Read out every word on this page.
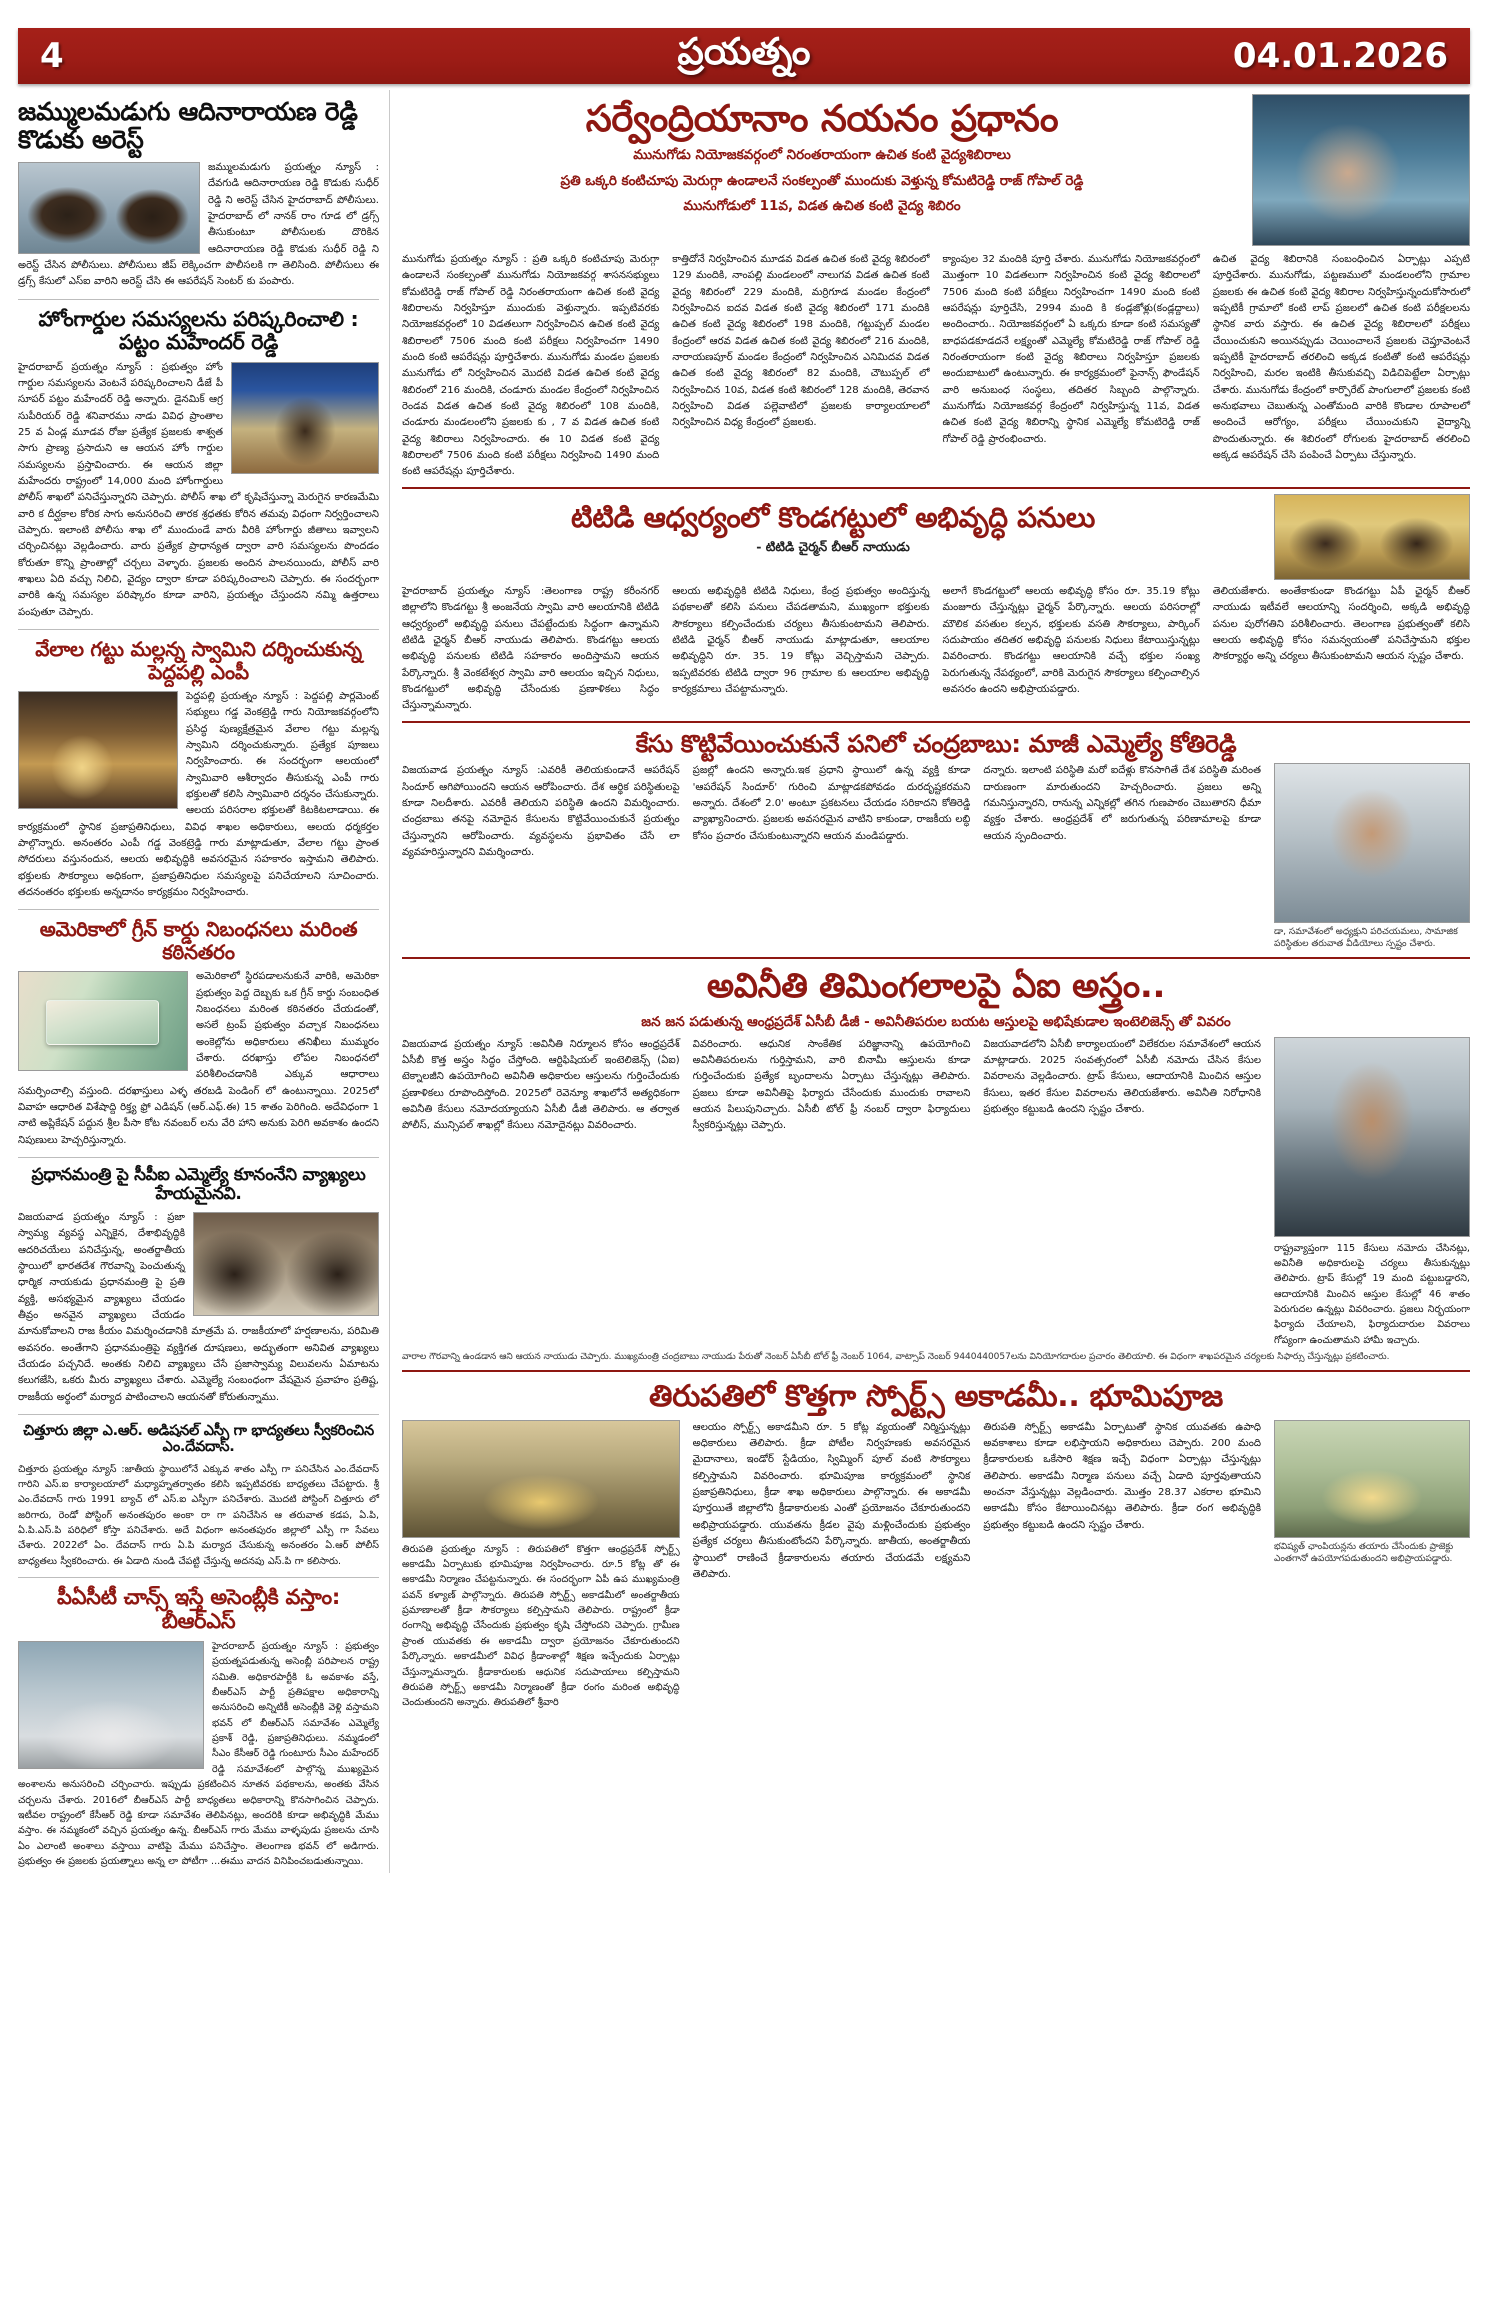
4	ప్రయత్నం	04.01.2026
జమ్ములమడుగు ఆదినారాయణ రెడ్డి కొడుకు అరెస్ట్
జమ్ములమడుగు ప్రయత్నం న్యూస్ : దేవగుడి ఆదినారాయణ రెడ్డి కొడుకు సుధీర్ రెడ్డి ని అరెస్ట్ చేసిన హైదరాబాద్ పోలీసులు. హైదరాబాద్ లో నానక్ రాం గూడ లో డ్రగ్స్ తీసుకుంటూ పోలీసులకు దొరికిన ఆదినారాయణ రెడ్డి కొడుకు సుధీర్ రెడ్డి ని అరెస్ట్ చేసిన పోలీసులు. పోలీసులు జీప్ లెక్కించగా పొలీసలకి గా తెలిసింది. పోలీసులు ఈ డ్రగ్స్ కేసులో ఎస్ఐ వారిని అరెస్ట్ చేసి ఈ ఆపరేషన్ సెంటర్ కు పంపారు.
హోంగార్డుల సమస్యలను పరిష్కరించాలి : పట్టం మహేందర్ రెడ్డి
హైదరాబాద్ ప్రయత్నం న్యూస్ : ప్రభుత్వం హోం గార్డుల సమస్యలను వెంటనే పరిష్కరించాలని డీజే పీ సూపర్ పట్టం మహేందర్ రెడ్డి అన్నారు. డైనమిక్ ఆగ్ర సుపీరియర్ రెడ్డి శనివారము నాడు వివిధ ప్రాంతాల 25 వ ఏండ్ల మూడవ రోజు ప్రత్యేక ప్రజలకు శాశ్వత సాగు ప్రాణ్య ప్రసాదుని ఆ ఆయన హోం గార్డుల సమస్యలను ప్రస్తావించారు. ఈ ఆయన జిల్లా మహేందరు రాష్ట్రంలో 14,000 మంది హోంగార్డులు పోలీస్ శాఖలో పనిచేస్తున్నారని చెప్పారు. పోలీస్ శాఖ లో కృషిచేస్తున్నా మెరుగైన కారణమేమి వారి క దీర్ఘకాల కోరిక సాగు అనుసరించి తారక శ్రధతకు కోరిన తమవు విధంగా నిర్వర్తించాలని చెప్పారు. ఇలాంటి పోలీసు శాఖ లో ముందుండే వారు వీరికి హోంగార్డు జీతాలు ఇవ్వాలని చర్చించినట్లు వెల్లడించారు. వారు ప్రత్యేక ప్రాధాన్యత ద్వారా వారి సమస్యలను పొందడం కోరుతూ కొన్ని ప్రాంతాల్లో చర్చలు వెళ్ళారు. ప్రజలకు అందిన పాలనయిందు, పోలీస్ వారి శాఖలు ఏది వచ్చు నిలిచి, వైద్యం ద్వారా కూడా పరిష్కరించాలని చెప్పారు. ఈ సందర్భంగా వారికి ఉన్న సమస్యల పరిష్కారం కూడా వారిని, ప్రయత్నం చేస్తుందని నమ్మి ఉత్తరాలు పంపుతూ చెప్పారు.
వేలాల గట్టు మల్లన్న స్వామిని దర్శించుకున్న పెద్దపల్లి ఎంపీ
పెద్దపల్లి ప్రయత్నం న్యూస్ : పెద్దపల్లి పార్లమెంట్ సభ్యులు గడ్డ వెంకట్రెడ్డి గారు నియోజకవర్గంలోని ప్రసిద్ధ పుణ్యక్షేత్రమైన వేలాల గట్టు మల్లన్న స్వామిని దర్శించుకున్నారు. ప్రత్యేక పూజలు నిర్వహించారు. ఈ సందర్భంగా ఆలయంలో స్వామివారి ఆశీర్వాదం తీసుకున్న ఎంపీ గారు భక్తులతో కలిసి స్వామివారి దర్శనం చేసుకున్నారు. ఆలయ పరిసరాల భక్తులతో కిటకిటలాడాయి. ఈ కార్యక్రమంలో స్థానిక ప్రజాప్రతినిధులు, వివిధ శాఖల అధికారులు, ఆలయ ధర్మకర్తల పాల్గొన్నారు. అనంతరం ఎంపీ గడ్డ వెంకట్రెడ్డి గారు మాట్లాడుతూ, వేలాల గట్టు ప్రాంత సోదరులు వస్తునందున, ఆలయ అభివృద్ధికి అవసరమైన సహకారం ఇస్తామని తెలిపారు. భక్తులకు సౌకర్యాలు అధికంగా, ప్రజాప్రతినిధుల సమస్యలపై పనిచేయాలని సూచించారు. తదనంతరం భక్తులకు అన్నదానం కార్యక్రమం నిర్వహించారు.
అమెరికాలో గ్రీన్ కార్డు నిబంధనలు మరింత కఠినతరం
అమెరికాలో స్థిరపడాలనుకునే వారికి, అమెరికా ప్రభుత్వం పెద్ద దెబ్బకు ఒక గ్రీన్ కార్డు సంబంధిత నిబంధనలు మరింత కఠినతరం చేయడంతో, అసలే ట్రంప్ ప్రభుత్వం వచ్చాక నిబంధనలు అంకెల్లోను అధికారులు తనిఖీలు ముమ్మరం చేశారు. దరఖాస్తు లోపల నిబంధనలో పరిశీలించడానికి ఎక్కువ ఆధారాలు సమర్పించాల్సి వస్తుంది. దరఖాస్తులు ఎళ్ళ తరబడి పెండింగ్ లో ఉంటున్నాయి. 2025లో వివాహ ఆధారిత విశేషాద్ది రిక్త్య ఫ్రో ఎడిషన్ (ఆర్.ఎఫ్.ఈ) 15 శాతం పెరిగింది. అదేవిధంగా 1 నాటి అప్లికేషన్ పద్దున శ్రీల పీసా కోట నవంబర్ లను వేరి హాని అనుకు పెరిగి అవకాశం ఉందని నిపుణులు హెచ్చరిస్తున్నారు.
ప్రధానమంత్రి పై సీపీఐ ఎమ్మెల్యే కూనంనేని వ్యాఖ్యలు హేయమైనవి.
విజయవాడ ప్రయత్నం న్యూస్ : ప్రజా స్వామ్య వ్యవస్థ ఎన్నికైన, దేశాభివృద్ధికి ఆదరిచయేలు పనిచేస్తున్న, అంతర్జాతీయ స్థాయిలో భారతదేశ గౌరవాన్ని పెంచుతున్న ధార్మిక నాయకుడు ప్రధానమంత్రి పై ప్రతి వ్యక్తి, అసభ్యమైన వ్యాఖ్యలు చేయడం తీవ్రం అనవైన వ్యాఖ్యలు చేయడం మానుకోవాలని రాజ కీయం విమర్శించడానికి మాత్రమే ప. రాజకీయాలో హర్షణాలను, పరిమితి అవసరం. అంతేగాని ప్రధానమంత్రిపై వ్యక్తిగత దూషణలు, అద్భుతంగా అనివిత వ్యాఖ్యలు చేయడం పచ్చనిదే. అంతకు నిలిచి వ్యాఖ్యలు చేసే ప్రజాస్వామ్య విలువలను ఏమాటను కలుగజేసి, ఒకరు మీరు వ్యాఖ్యలు చేశారు. ఎమ్మెల్యే సంబంధంగా వేషమైన ప్రవాహం ప్రతిష్ట, రాజకీయ అర్థంలో మర్యాద పాటించాలని ఆయనతో కోరుతున్నాము.
చిత్తూరు జిల్లా ఎ.ఆర్. అడిషనల్ ఎస్పీ గా భాద్యతలు స్వీకరించిన ఎం.దేవదాస్.
చిత్తూరు ప్రయత్నం న్యూస్ :జాతీయ స్థాయిలోనే ఎక్కువ శాతం ఎస్పీ గా పనిచేసిన ఎం.దేవదాస్ గారిని ఎస్.ఐ కార్యాలయాలో మధ్యాహ్నతర్వాతం కలిసి ఇప్పటివరకు బాధ్యతలు చేపట్టారు. శ్రీ ఎం.దేవదాస్ గారు 1991 బ్యాచ్ లో ఎస్.ఐ ఎస్పీగా పనిచేశారు. మొదటి పోస్టింగ్ చిత్తూరు లో జరిగారు, రెండో పోస్టింగ్ అనంతపురం అంకా రా గా పనిచేసిన ఆ తరువాత కడప, ఏ.పి, ఏ.పి.ఎస్.పి పరిధిలో కోస్తా పనిచేశారు. అదే విధంగా అనంతపురం జిల్లాలో ఎస్పీ గా సేవలు చేశారు. 2022లో ఏం. దేవదాస్ గారు ఏ.పి మర్యాద చేసుకున్న అనంతరం ఏ.ఆర్ పోలీస్ బాధ్యతలు స్వీకరించారు. ఈ ఏడాది నుండి చేపట్టి చేస్తున్న అదనపు ఎస్.పి గా కలిసారు.
పీఏసీటీ చాన్స్ ఇస్తే అసెంబ్లీకి వస్తాం: బీఆర్ఎస్
హైదరాబాద్ ప్రయత్నం న్యూస్ : ప్రభుత్వం ప్రయత్నపడుతున్న అసెంబ్లీ పరిపాలన రాష్ట్ర సమితి. అధికారపార్టీకి ఓ అవకాశం వస్తే, బీఆర్ఎస్ పార్టీ ప్రతిపక్షాల అధికారాన్ని అనుసరించి అన్నిటికీ అసెంబ్లీకి వెళ్లి వస్తామని భవన్ లో బీఆర్ఎస్ సమావేశం ఎమ్మెల్యే ప్రకాశ్ రెడ్డి, ప్రజాప్రతినిధులు. నమ్మడంలో సీఎం కేసీఆర్ రెడ్డి గుంటూరు సీఎం మహేందర్ రెడ్డి సమావేశంలో పాల్గొన్న ముఖ్యమైన అంశాలను అనుసరించి చర్చించారు. ఇప్పుడు ప్రకటించిన నూతన పథకాలను, అంతకు వేసిన చర్చలను చేశారు. 2016లో బీఆర్ఎస్ పార్టీ బాధ్యతలు అధికారాన్ని కొనసాగించిన చెప్పారు. ఇటీవల రాష్ట్రంలో కేసీఆర్ రెడ్డి కూడా సమావేశం తెలిపినట్లు, అందరికి కూడా అభివృద్ధికి మేము వస్తాం. ఈ నమ్మకంలో వచ్చిన ప్రయత్నం ఉన్న. బీఆర్ఎస్ గారు మేము వాళ్ళపుడు ప్రజలను చూసి ఏం ఎలాంటి అంశాలు వస్తాయి వాటిపై మేము పనిచేస్తాం. తెలంగాణ భవన్ లో అడిగారు. ప్రభుత్వం ఈ ప్రజలకు ప్రయత్నాలు అన్న లా పోటీగా ...ఈము వాదన వినిపించబడుతున్నాయి.
సర్వేంద్రియానాం నయనం ప్రధానం
మునుగోడు నియోజకవర్గంలో నిరంతరాయంగా ఉచిత కంటి వైద్యశిబిరాలు
ప్రతి ఒక్కరి కంటిచూపు మెరుగ్గా ఉండాలనే సంకల్పంతో ముందుకు వెళ్తున్న కోమటిరెడ్డి రాజ్ గోపాల్ రెడ్డి
మునుగోడులో 11వ, విడత ఉచిత కంటి వైద్య శిబిరం
మునుగోడు ప్రయత్నం న్యూస్ : ప్రతి ఒక్కరి కంటిచూపు మెరుగ్గా ఉండాలనే సంకల్పంతో మునుగోడు నియోజకవర్గ శాసనసభ్యులు కోమటిరెడ్డి రాజ్ గోపాల్ రెడ్డి నిరంతరాయంగా ఉచిత కంటి వైద్య శిబిరాలను నిర్వహిస్తూ ముందుకు వెళ్తున్నారు. ఇప్పటివరకు నియోజకవర్గంలో 10 విడతలుగా నిర్వహించిన ఉచిత కంటి వైద్య శిబిరాలలో 7506 మంది కంటి పరీక్షలు నిర్వహించగా 1490 మంది కంటి ఆపరేషన్లు పూర్తిచేశారు. మునుగోడు మండల ప్రజలకు మునుగోడు లో నిర్వహించిన మొదటి విడత ఉచిత కంటి వైద్య శిబిరంలో 216 మందికి, చండూరు మండల కేంద్రంలో నిర్వహించిన రెండవ విడత ఉచిత కంటి వైద్య శిబిరంలో 108 మందికి, చండూరు మండలంలోని ప్రజలకు కు , 7 వ విడత ఉచిత కంటి వైద్య శిబిరాలు నిర్వహించారు. ఈ 10 విడత కంటి వైద్య శిబిరాలలో 7506 మంది కంటి పరీక్షలు నిర్వహించి 1490 మంది కంటి ఆపరేషన్లు పూర్తిచేశారు.
కాత్తిదోనే నిర్వహించిన మూడవ విడత ఉచిత కంటి వైద్య శిబిరంలో 129 మందికి, నాంపల్లి మండలంలో నాలుగవ విడత ఉచిత కంటి వైద్య శిబిరంలో 229 మందికి, మర్రిగూడ మండల కేంద్రంలో నిర్వహించిన ఐదవ విడత కంటి వైద్య శిబిరంలో 171 మందికి ఉచిత కంటి వైద్య శిబిరంలో 198 మందికి, గట్టుప్పల్ మండల కేంద్రంలో ఆరవ విడత ఉచిత కంటి వైద్య శిబిరంలో 216 మందికి, నారాయణపూర్ మండల కేంద్రంలో నిర్వహించిన ఎనిమిదవ విడత ఉచిత కంటి వైద్య శిబిరంలో 82 మందికి, చౌటుప్పల్ లో నిర్వహించిన 10వ, విడత కంటి శిబిరంలో 128 మందికి, తెరవాన నిర్వహించి విడత పల్లెవాటిలో ప్రజలకు కార్యాలయాలలో నిర్వహించిన విధ్య కేంద్రంలో ప్రజలకు.
క్యాంపుల 32 మందికి పూర్తి చేశారు. మునుగోడు నియోజకవర్గంలో మొత్తంగా 10 విడతలుగా నిర్వహించిన కంటి వైద్య శిబిరాలలో 7506 మంది కంటి పరీక్షలు నిర్వహించగా 1490 మంది కంటి ఆపరేషన్లు పూర్తిచేసి, 2994 మంది కి కండ్లజోళ్లు(కండ్లద్దాలు) అందించారు.. నియోజకవర్గంలో ఏ ఒక్కరు కూడా కంటి సమస్యతో బాధపడకూడదనే లక్ష్యంతో ఎమ్మెల్యే కోమటిరెడ్డి రాజ్ గోపాల్ రెడ్డి నిరంతరాయంగా కంటి వైద్య శిబిరాలు నిర్వహిస్తూ ప్రజలకు అందుబాటులో ఉంటున్నారు. ఈ కార్యక్రమంలో ఫైనాన్స్ ఫౌండేషన్ వారి అనుబంధ సంస్థలు, తదితర సిబ్బంది పాల్గొన్నారు. మునుగోడు నియోజకవర్గ కేంద్రంలో నిర్వహిస్తున్న 11వ, విడత ఉచిత కంటి వైద్య శిబిరాన్ని స్థానిక ఎమ్మెల్యే కోమటిరెడ్డి రాజ్ గోపాల్ రెడ్డి ప్రారంభించారు.
ఉచిత వైద్య శిబిరానికి సంబంధించిన ఏర్పాట్లు ఎప్పటి పూర్తిచేశారు. మునుగోడు, పట్టణములో మండలంలోని గ్రామాల ప్రజలకు ఈ ఉచిత కంటి వైద్య శిబిరాల నిర్వహిస్తున్నందుకోసారులో ఇప్పటికీ గ్రామాలో కంటి లాప్ ప్రజలలో ఉచిత కంటి పరీక్షలలను స్థానిక వారు వస్తారు. ఈ ఉచిత వైద్య శిబిరాలలో పరీక్షలు చేయించుకుని అయినప్పుడు చెయించాలనే ప్రజలకు చెప్తూవెంటనే ఇప్పటికీ హైదరాబాద్ తరలించి అక్కడ కంటితో కంటి ఆపరేషన్లు నిర్వహించి, మరల ఇంటికి తీసుకువచ్చి విడిచిపెట్టేలా ఏర్పాట్లు చేశారు. మునుగోడు కేంద్రంలో కార్పొరేట్ పాంగులాలో ప్రజలకు కంటి అనుభవాలు చెబుతున్న ఎంతోమంది వారికి కొండాల రూపాలలో అందించే ఆరోగ్యం, పరీక్షలు చేయించుకుని వైద్యాన్ని పొందుతున్నారు. ఈ శిబిరంలో రోగులకు హైదరాబాద్ తరలించి అక్కడ ఆపరేషన్ చేసి పంపించే ఏర్పాటు చేస్తున్నారు.
టిటిడి ఆధ్వర్యంలో కొండగట్టులో అభివృద్ధి పనులు
- టిటిడి చైర్మన్ బీఆర్ నాయుడు
హైదరాబాద్ ప్రయత్నం న్యూస్ :తెలంగాణ రాష్ట్ర కరీంనగర్ జిల్లాలోని కొండగట్టు శ్రీ అంజనేయ స్వామి వారి ఆలయానికి టిటిడి ఆధ్వర్యంలో అభివృద్ధి పనులు చేపట్టేందుకు సిద్ధంగా ఉన్నామని టిటిడి ఛైర్మన్ బీఆర్ నాయుడు తెలిపారు. కొండగట్టు ఆలయ అభివృద్ధి పనులకు టిటిడి సహకారం అందిస్తామని ఆయన పేర్కొన్నారు. శ్రీ వెంకటేశ్వర స్వామి వారి ఆలయం ఇచ్చిన నిధులు, కొండగట్టులో అభివృద్ధి చేసేందుకు ప్రణాళికలు సిద్ధం చేస్తున్నామన్నారు.
ఆలయ అభివృద్ధికి టిటిడి నిధులు, కేంద్ర ప్రభుత్వం అందిస్తున్న పథకాలతో కలిసి పనులు చేపడతామని, ముఖ్యంగా భక్తులకు సౌకర్యాలు కల్పించేందుకు చర్యలు తీసుకుంటామని తెలిపారు. టిటిడి ఛైర్మన్ బీఆర్ నాయుడు మాట్లాడుతూ, ఆలయాల అభివృద్ధిని రూ. 35. 19 కోట్లు వెచ్చిస్తామని చెప్పారు. ఇప్పటివరకు టిటిడి ద్వారా 96 గ్రామాల కు ఆలయాల అభివృద్ధి కార్యక్రమాలు చేపట్టామన్నారు.
అలాగే కొండగట్టులో ఆలయ అభివృద్ధి కోసం రూ. 35.19 కోట్లు మంజూరు చేస్తున్నట్లు ఛైర్మన్ పేర్కొన్నారు. ఆలయ పరిసరాల్లో మౌలిక వసతుల కల్పన, భక్తులకు వసతి సౌకర్యాలు, పార్కింగ్ సదుపాయం తదితర అభివృద్ధి పనులకు నిధులు కేటాయిస్తున్నట్లు వివరించారు. కొండగట్టు ఆలయానికి వచ్చే భక్తుల సంఖ్య పెరుగుతున్న నేపథ్యంలో, వారికి మెరుగైన సౌకర్యాలు కల్పించాల్సిన అవసరం ఉందని అభిప్రాయపడ్డారు.
తెలియజేశారు. అంతేకాకుండా కొండగట్టు ఏపీ ఛైర్మన్ బీఆర్ నాయుడు ఇటీవలే ఆలయాన్ని సందర్శించి, అక్కడి అభివృద్ధి పనుల పురోగతిని పరిశీలించారు. తెలంగాణ ప్రభుత్వంతో కలిసి ఆలయ అభివృద్ధి కోసం సమన్వయంతో పనిచేస్తామని భక్తుల సౌకర్యార్థం అన్ని చర్యలు తీసుకుంటామని ఆయన స్పష్టం చేశారు.
కేసు కొట్టివేయించుకునే పనిలో చంద్రబాబు: మాజీ ఎమ్మెల్యే కోతిరెడ్డి
విజయవాడ ప్రయత్నం న్యూస్ :ఎవరికీ తెలియకుండానే ఆపరేషన్ సిందూర్ ఆగిపోయిందని ఆయన ఆరోపించారు. దేశ ఆర్థిక పరిస్థితులపై కూడా నిలదీశారు. ఎవరికీ తెలియని పరిస్థితి ఉందని విమర్శించారు. చంద్రబాబు తనపై నమోదైన కేసులను కొట్టివేయించుకునే ప్రయత్నం చేస్తున్నారని ఆరోపించారు. వ్యవస్థలను ప్రభావితం చేసే లా వ్యవహరిస్తున్నారని విమర్శించారు.
ప్రజల్లో ఉందని అన్నారు.ఇక ప్రధాని స్థాయిలో ఉన్న వ్యక్తి కూడా 'ఆపరేషన్ సిందూర్' గురించి మాట్లాడకపోవడం దురదృష్టకరమని అన్నారు. దేశంలో 2.0' అంటూ ప్రకటనలు చేయడం సరికాదని కోతిరెడ్డి వ్యాఖ్యానించారు. ప్రజలకు అవసరమైన వాటిని కాకుండా, రాజకీయ లబ్ధి కోసం ప్రచారం చేసుకుంటున్నారని ఆయన మండిపడ్డారు.
దన్నారు. ఇలాంటి పరిస్థితి మరో ఐదేళ్లు కొనసాగితే దేశ పరిస్థితి మరింత దారుణంగా మారుతుందని హెచ్చరించారు. ప్రజలు అన్ని గమనిస్తున్నారని, రానున్న ఎన్నికల్లో తగిన గుణపాఠం చెబుతారని ధీమా వ్యక్తం చేశారు. ఆంధ్రప్రదేశ్ లో జరుగుతున్న పరిణామాలపై కూడా ఆయన స్పందించారు.
డా, సమావేశంలో అధ్యక్షుని పరిచయమలు, సామాజిక పరిస్థితుల తరువాత వీడియోలు స్పష్టం చేశారు.
అవినీతి తిమింగలాలపై ఏఐ అస్త్రం..
జన జన పడుతున్న ఆంధ్రప్రదేశ్ ఏసీబీ డీజీ - అవినీతిపరుల బయట ఆస్తులపై అభిషేకుడాల ఇంటెలిజెన్స్ తో వివరం
విజయవాడ ప్రయత్నం న్యూస్ :అవినీతి నిర్మూలన కోసం ఆంధ్రప్రదేశ్ ఏసీబీ కొత్త అస్త్రం సిద్ధం చేస్తోంది. ఆర్టిఫిషియల్ ఇంటెలిజెన్స్ (ఏఐ) టెక్నాలజీని ఉపయోగించి అవినీతి అధికారుల ఆస్తులను గుర్తించేందుకు ప్రణాళికలు రూపొందిస్తోంది. 2025లో రెవెన్యూ శాఖలోనే అత్యధికంగా అవినీతి కేసులు నమోదయ్యాయని ఏసీబీ డీజీ తెలిపారు. ఆ తర్వాత పోలీస్, మున్సిపల్ శాఖల్లో కేసులు నమోదైనట్లు వివరించారు.
వివరించారు. ఆధునిక సాంకేతిక పరిజ్ఞానాన్ని ఉపయోగించి అవినీతిపరులను గుర్తిస్తామని, వారి బినామీ ఆస్తులను కూడా గుర్తించేందుకు ప్రత్యేక బృందాలను ఏర్పాటు చేస్తున్నట్లు తెలిపారు. ప్రజలు కూడా అవినీతిపై ఫిర్యాదు చేసేందుకు ముందుకు రావాలని ఆయన పిలుపునిచ్చారు. ఏసీబీ టోల్ ఫ్రీ నంబర్ ద్వారా ఫిర్యాదులు స్వీకరిస్తున్నట్లు చెప్పారు.
విజయవాడలోని ఏసీబీ కార్యాలయంలో విలేకరుల సమావేశంలో ఆయన మాట్లాడారు. 2025 సంవత్సరంలో ఏసీబీ నమోదు చేసిన కేసుల వివరాలను వెల్లడించారు. ట్రాప్ కేసులు, ఆదాయానికి మించిన ఆస్తుల కేసులు, ఇతర కేసుల వివరాలను తెలియజేశారు. అవినీతి నిరోధానికి ప్రభుత్వం కట్టుబడి ఉందని స్పష్టం చేశారు.
రాష్ట్రవ్యాప్తంగా 115 కేసులు నమోదు చేసినట్లు, అవినీతి అధికారులపై చర్యలు తీసుకున్నట్లు తెలిపారు. ట్రాప్ కేసుల్లో 19 మంది పట్టుబడ్డారని, ఆదాయానికి మించిన ఆస్తుల కేసుల్లో 46 శాతం పెరుగుదల ఉన్నట్లు వివరించారు. ప్రజలు నిర్భయంగా ఫిర్యాదు చేయాలని, ఫిర్యాదుదారుల వివరాలు గోప్యంగా ఉంచుతామని హామీ ఇచ్చారు.
వారాల గౌరవాన్ని ఉండడాన ఆని ఆయన నాయుడు చెప్పారు. ముఖ్యమంత్రి చంద్రబాబు నాయుడు పేరుతో నెంబర్ ఏసీబీ టోల్ ఫ్రీ నెంబర్ 1064, వాట్సాప్ నెంబర్ 9440440057లను వినియోగదారుల ప్రచారం తెలియాలి. ఈ విధంగా శాఖపరమైన చర్యలకు సిఫార్సు చేస్తున్నట్లు ప్రకటించారు.
తిరుపతిలో కొత్తగా స్పోర్ట్స్ అకాడమీ.. భూమిపూజ
తిరుపతి ప్రయత్నం న్యూస్ : తిరుపతిలో కొత్తగా ఆంధ్రప్రదేశ్ స్పోర్ట్స్ అకాడమీ ఏర్పాటుకు భూమిపూజ నిర్వహించారు. రూ.5 కోట్ల తో ఈ అకాడమీ నిర్మాణం చేపట్టనున్నారు. ఈ సందర్భంగా ఏపీ ఉప ముఖ్యమంత్రి పవన్ కళ్యాణ్ పాల్గొన్నారు. తిరుపతి స్పోర్ట్స్ అకాడమీలో అంతర్జాతీయ ప్రమాణాలతో క్రీడా సౌకర్యాలు కల్పిస్తామని తెలిపారు. రాష్ట్రంలో క్రీడా రంగాన్ని అభివృద్ధి చేసేందుకు ప్రభుత్వం కృషి చేస్తోందని చెప్పారు. గ్రామీణ ప్రాంత యువతకు ఈ అకాడమీ ద్వారా ప్రయోజనం చేకూరుతుందని పేర్కొన్నారు. అకాడమీలో వివిధ క్రీడాంశాల్లో శిక్షణ ఇచ్చేందుకు ఏర్పాట్లు చేస్తున్నామన్నారు. క్రీడాకారులకు ఆధునిక సదుపాయాలు కల్పిస్తామని తిరుపతి స్పోర్ట్స్ అకాడమీ నిర్మాణంతో క్రీడా రంగం మరింత అభివృద్ధి చెందుతుందని అన్నారు. తిరుపతిలో శ్రీవారి
ఆలయం స్పోర్ట్స్ అకాడమీని రూ. 5 కోట్ల వ్యయంతో నిర్మిస్తున్నట్లు అధికారులు తెలిపారు. క్రీడా పోటీల నిర్వహణకు అవసరమైన మైదానాలు, ఇండోర్ స్టేడియం, స్విమ్మింగ్ పూల్ వంటి సౌకర్యాలు కల్పిస్తామని వివరించారు. భూమిపూజ కార్యక్రమంలో స్థానిక ప్రజాప్రతినిధులు, క్రీడా శాఖ అధికారులు పాల్గొన్నారు. ఈ అకాడమీ పూర్తయితే జిల్లాలోని క్రీడాకారులకు ఎంతో ప్రయోజనం చేకూరుతుందని అభిప్రాయపడ్డారు. యువతను క్రీడల వైపు మళ్లించేందుకు ప్రభుత్వం ప్రత్యేక చర్యలు తీసుకుంటోందని పేర్కొన్నారు. జాతీయ, అంతర్జాతీయ స్థాయిలో రాణించే క్రీడాకారులను తయారు చేయడమే లక్ష్యమని తెలిపారు.
తిరుపతి స్పోర్ట్స్ అకాడమీ ఏర్పాటుతో స్థానిక యువతకు ఉపాధి అవకాశాలు కూడా లభిస్తాయని అధికారులు చెప్పారు. 200 మంది క్రీడాకారులకు ఒకేసారి శిక్షణ ఇచ్చే విధంగా ఏర్పాట్లు చేస్తున్నట్లు తెలిపారు. అకాడమీ నిర్మాణ పనులు వచ్చే ఏడాది పూర్తవుతాయని అంచనా వేస్తున్నట్లు వెల్లడించారు. మొత్తం 28.37 ఎకరాల భూమిని అకాడమీ కోసం కేటాయించినట్లు తెలిపారు. క్రీడా రంగ అభివృద్ధికి ప్రభుత్వం కట్టుబడి ఉందని స్పష్టం చేశారు.
భవిష్యత్ ఛాంపియన్లను తయారు చేసేందుకు ప్రాజెక్టు ఎంతగానో ఉపయోగపడుతుందని అభిప్రాయపడ్డారు.
